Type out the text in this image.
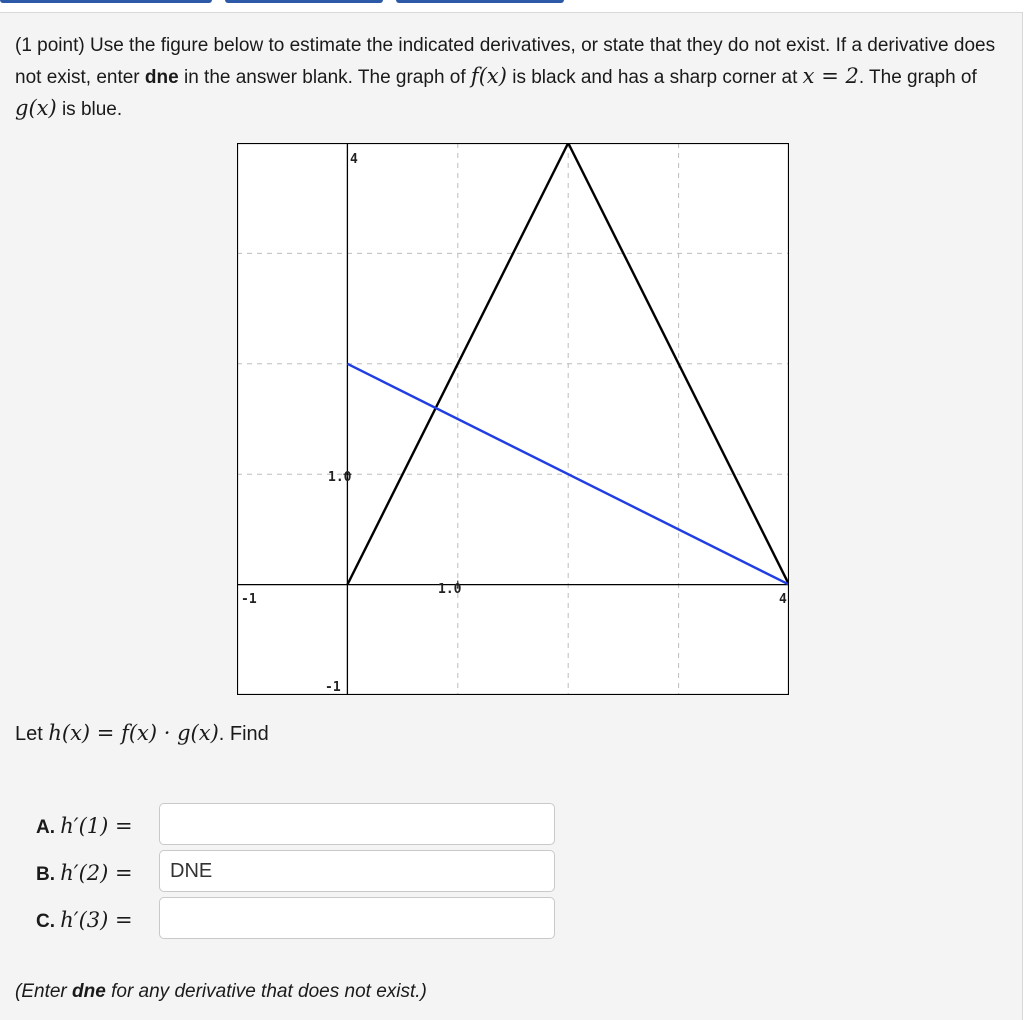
(1 point) Use the figure below to estimate the indicated derivatives, or state that they do not exist. If a derivative does not exist, enter dne in the answer blank. The graph of f(x) is black and has a sharp corner at x = 2. The graph of g(x) is blue.
4
1.0
-1
-1
1.0
4
Let h(x) = f(x) · g(x). Find
A. h′(1) =
B. h′(2) =
DNE
C. h′(3) =
(Enter dne for any derivative that does not exist.)
